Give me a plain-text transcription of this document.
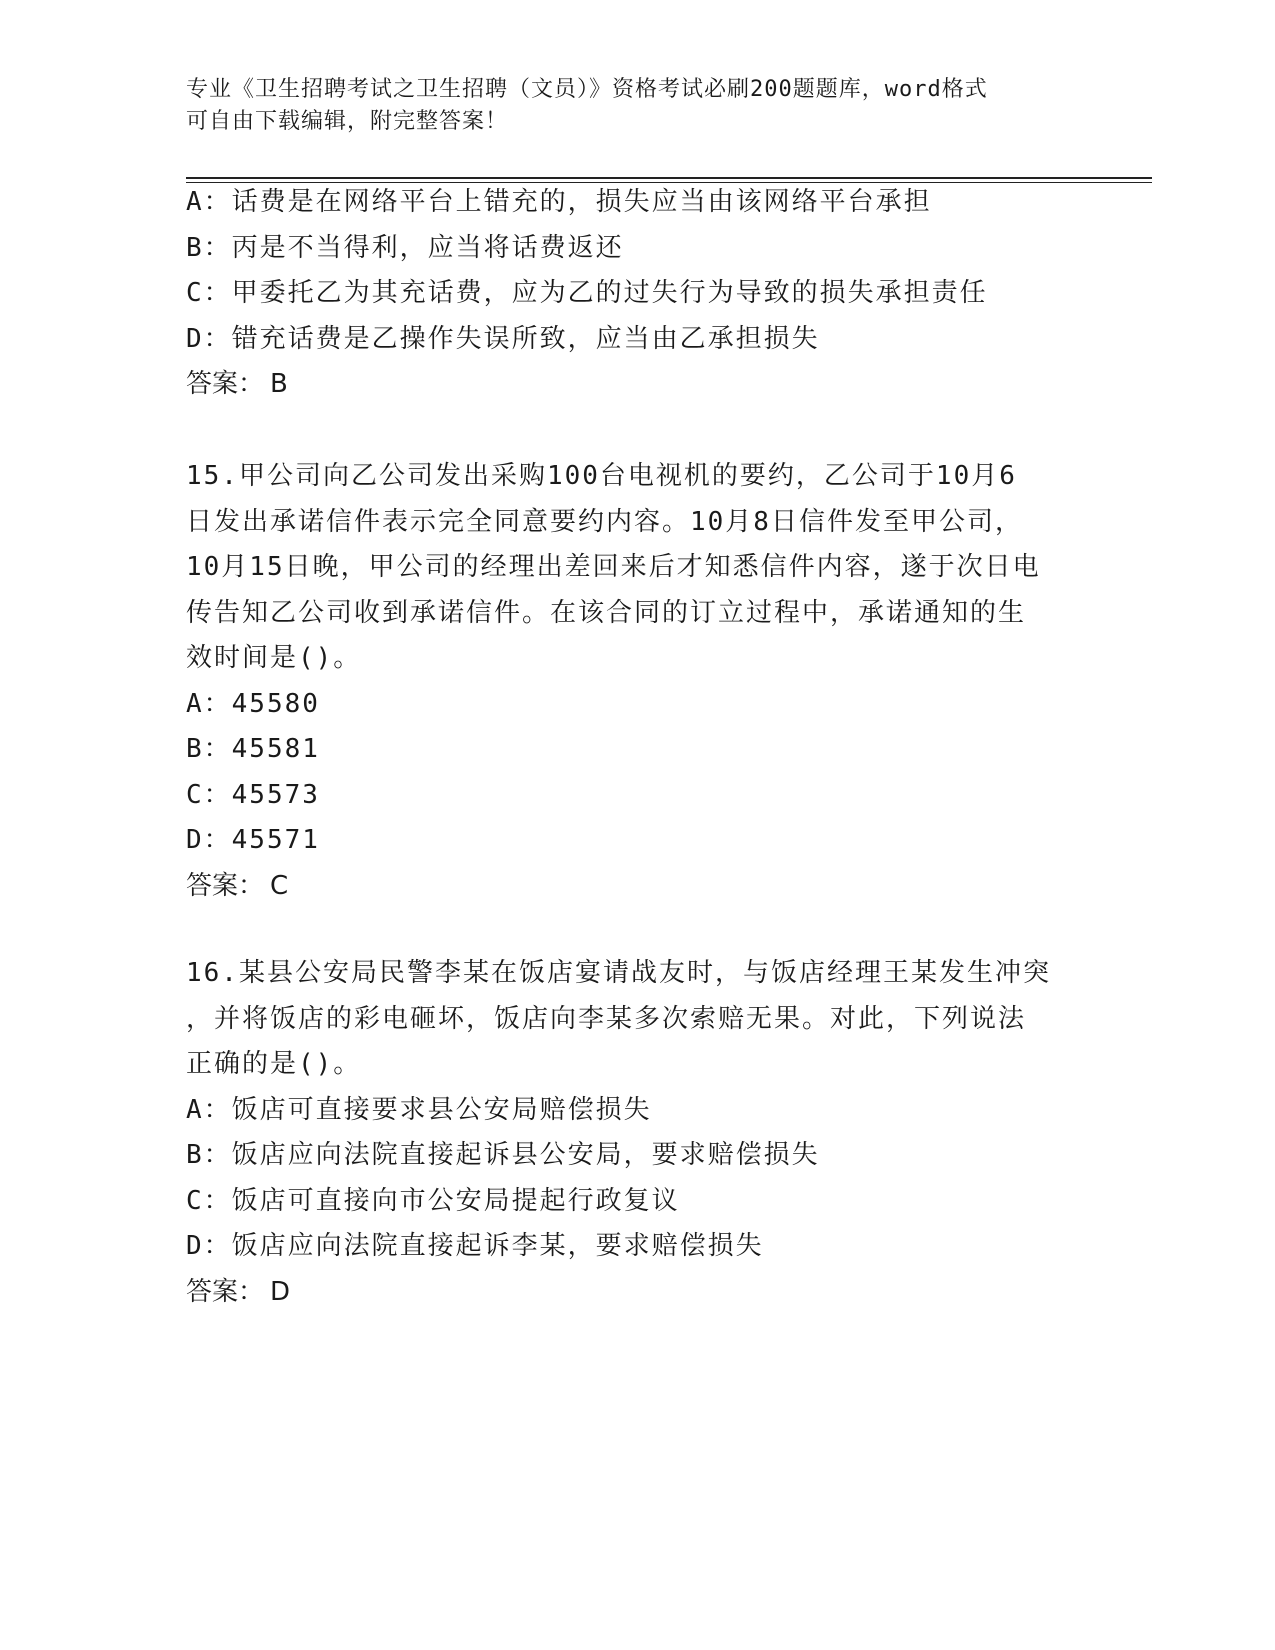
专业《卫生招聘考试之卫生招聘（文员）》资格考试必刷200题题库，word格式
可自由下载编辑，附完整答案！
A：话费是在网络平台上错充的，损失应当由该网络平台承担
B：丙是不当得利，应当将话费返还
C：甲委托乙为其充话费，应为乙的过失行为导致的损失承担责任
D：错充话费是乙操作失误所致，应当由乙承担损失
答案： B
15.甲公司向乙公司发出采购100台电视机的要约，乙公司于10月6
日发出承诺信件表示完全同意要约内容。10月8日信件发至甲公司，
10月15日晚，甲公司的经理出差回来后才知悉信件内容，遂于次日电
传告知乙公司收到承诺信件。在该合同的订立过程中，承诺通知的生
效时间是()。
A：45580
B：45581
C：45573
D：45571
答案： C
16.某县公安局民警李某在饭店宴请战友时，与饭店经理王某发生冲突
，并将饭店的彩电砸坏，饭店向李某多次索赔无果。对此，下列说法
正确的是()。
A：饭店可直接要求县公安局赔偿损失
B：饭店应向法院直接起诉县公安局，要求赔偿损失
C：饭店可直接向市公安局提起行政复议
D：饭店应向法院直接起诉李某，要求赔偿损失
答案： D
